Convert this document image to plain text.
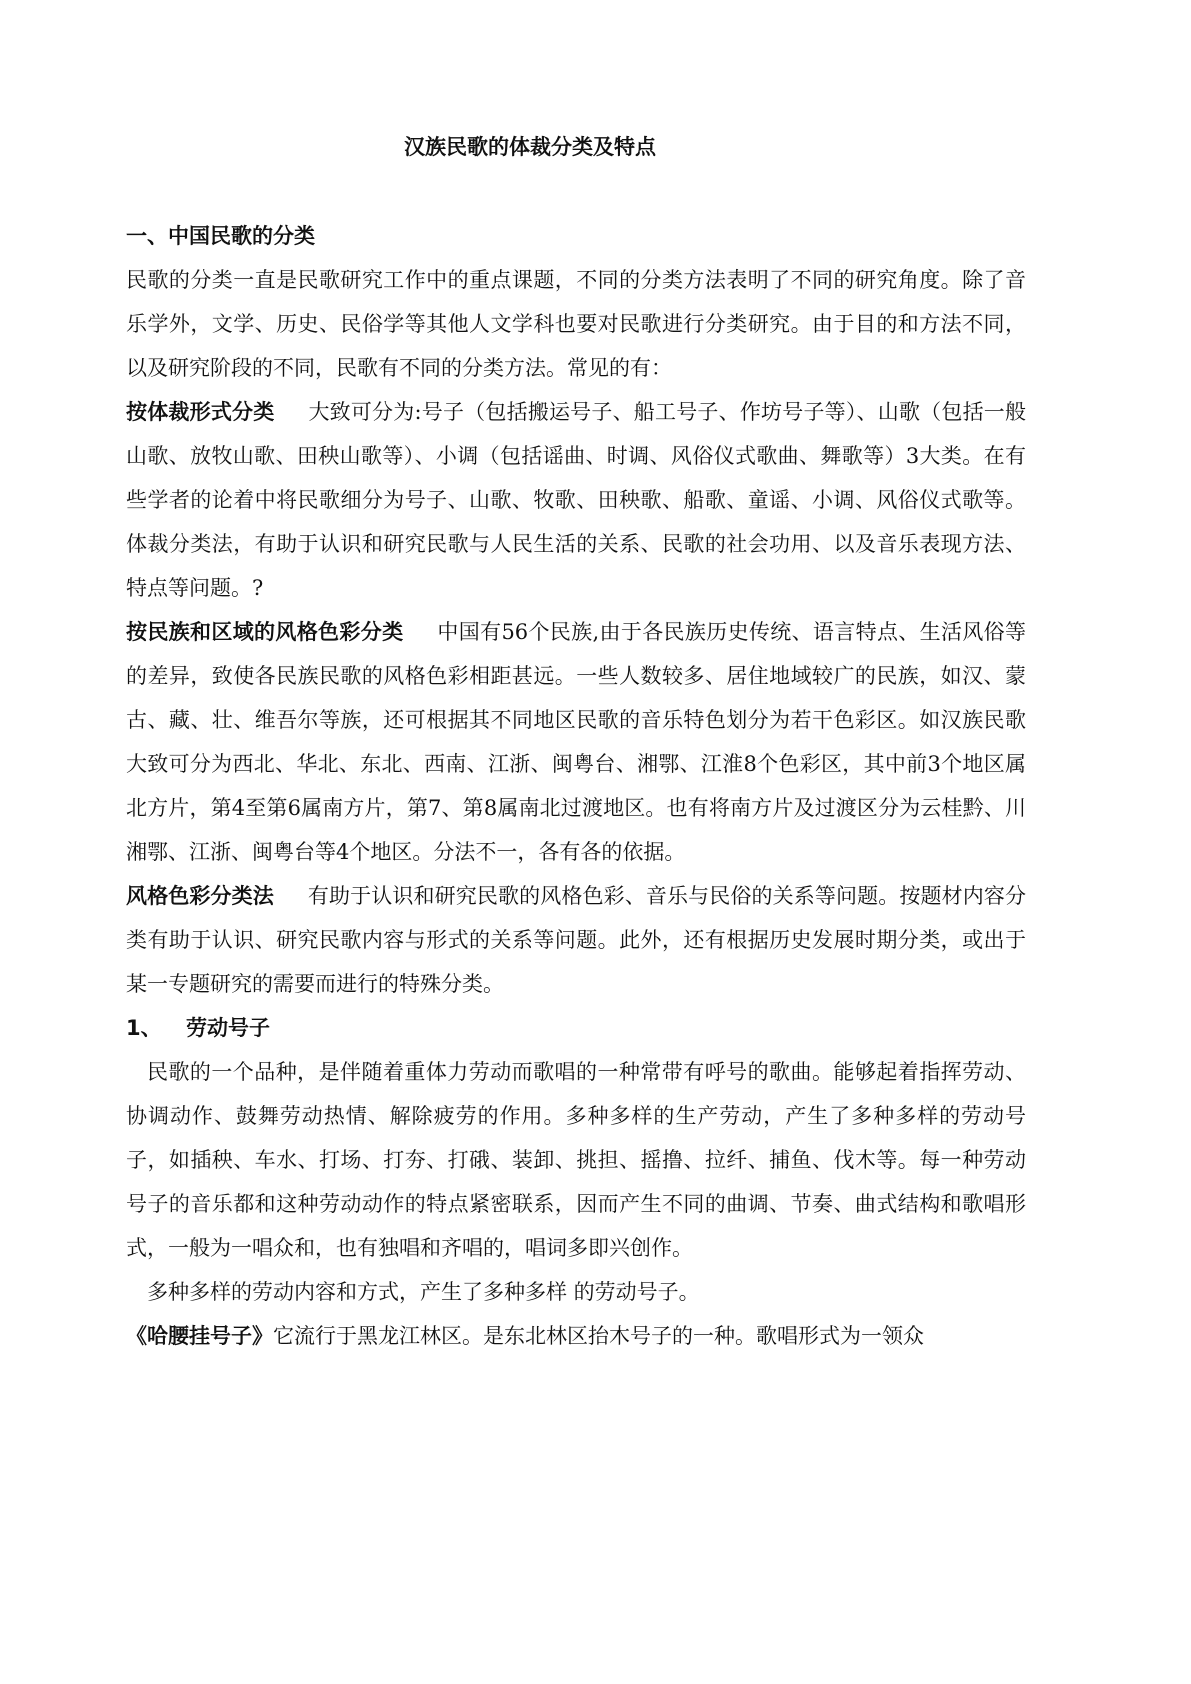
汉族民歌的体裁分类及特点
一、中国民歌的分类

民歌的分类一直是民歌研究工作中的重点课题，不同的分类方法表明了不同的研究角度。除了音乐学外，文学、历史、民俗学等其他人文学科也要对民歌进行分类研究。由于目的和方法不同，以及研究阶段的不同，民歌有不同的分类方法。常见的有：

按体裁形式分类 大致可分为:号子（包括搬运号子、船工号子、作坊号子等）、山歌（包括一般山歌、放牧山歌、田秧山歌等）、小调（包括谣曲、时调、风俗仪式歌曲、舞歌等）3大类。在有些学者的论着中将民歌细分为号子、山歌、牧歌、田秧歌、船歌、童谣、小调、风俗仪式歌等。体裁分类法，有助于认识和研究民歌与人民生活的关系、民歌的社会功用、以及音乐表现方法、特点等问题。?

按民族和区域的风格色彩分类 中国有56个民族,由于各民族历史传统、语言特点、生活风俗等的差异，致使各民族民歌的风格色彩相距甚远。一些人数较多、居住地域较广的民族，如汉、蒙古、藏、壮、维吾尔等族，还可根据其不同地区民歌的音乐特色划分为若干色彩区。如汉族民歌大致可分为西北、华北、东北、西南、江浙、闽粤台、湘鄂、江淮8个色彩区，其中前3个地区属北方片，第4至第6属南方片，第7、第8属南北过渡地区。也有将南方片及过渡区分为云桂黔、川湘鄂、江浙、闽粤台等4个地区。分法不一，各有各的依据。

风格色彩分类法 有助于认识和研究民歌的风格色彩、音乐与民俗的关系等问题。按题材内容分类有助于认识、研究民歌内容与形式的关系等问题。此外，还有根据历史发展时期分类，或出于某一专题研究的需要而进行的特殊分类。

1、 劳动号子

民歌的一个品种，是伴随着重体力劳动而歌唱的一种常带有呼号的歌曲。能够起着指挥劳动、协调动作、鼓舞劳动热情、解除疲劳的作用。多种多样的生产劳动，产生了多种多样的劳动号子，如插秧、车水、打场、打夯、打硪、装卸、挑担、摇撸、拉纤、捕鱼、伐木等。每一种劳动号子的音乐都和这种劳动动作的特点紧密联系，因而产生不同的曲调、节奏、曲式结构和歌唱形式，一般为一唱众和，也有独唱和齐唱的，唱词多即兴创作。

多种多样的劳动内容和方式，产生了多种多样 的劳动号子。

《哈腰挂号子》它流行于黑龙江林区。是东北林区抬木号子的一种。歌唱形式为一领众
